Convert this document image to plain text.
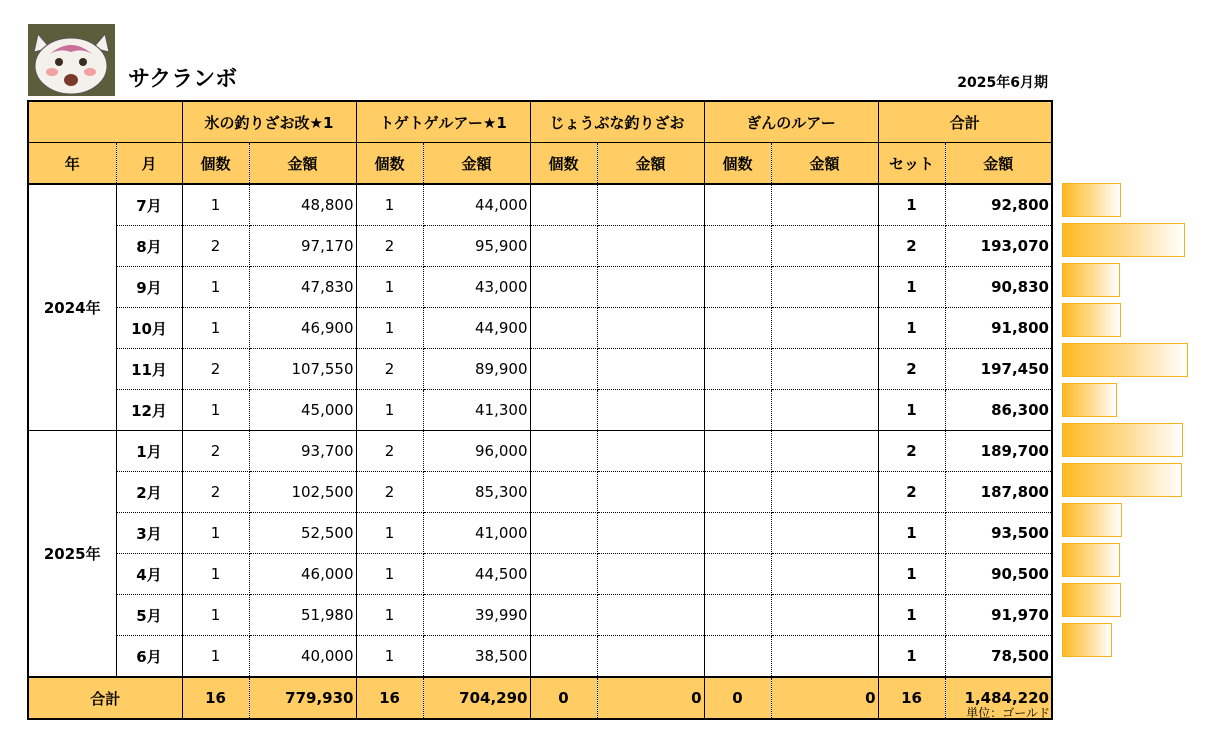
サクランボ	2025年6月期
		氷の釣りざお改★1		トゲトゲルアー★1		じょうぶな釣りざお		ぎんのルアー		合計	
年	月	個数	金額	個数	金額	個数	金額	個数	金額	セット	金額
2024年	7月	1	48,800	1	44,000					1	92,800
	8月	2	97,170	2	95,900					2	193,070
	9月	1	47,830	1	43,000					1	90,830
	10月	1	46,900	1	44,900					1	91,800
	11月	2	107,550	2	89,900					2	197,450
	12月	1	45,000	1	41,300					1	86,300
2025年	1月	2	93,700	2	96,000					2	189,700
	2月	2	102,500	2	85,300					2	187,800
	3月	1	52,500	1	41,000					1	93,500
	4月	1	46,000	1	44,500					1	90,500
	5月	1	51,980	1	39,990					1	91,970
	6月	1	40,000	1	38,500					1	78,500
合計		16	779,930	16	704,290	0	0	0	0	16	1,484,220
単位：ゴールド
